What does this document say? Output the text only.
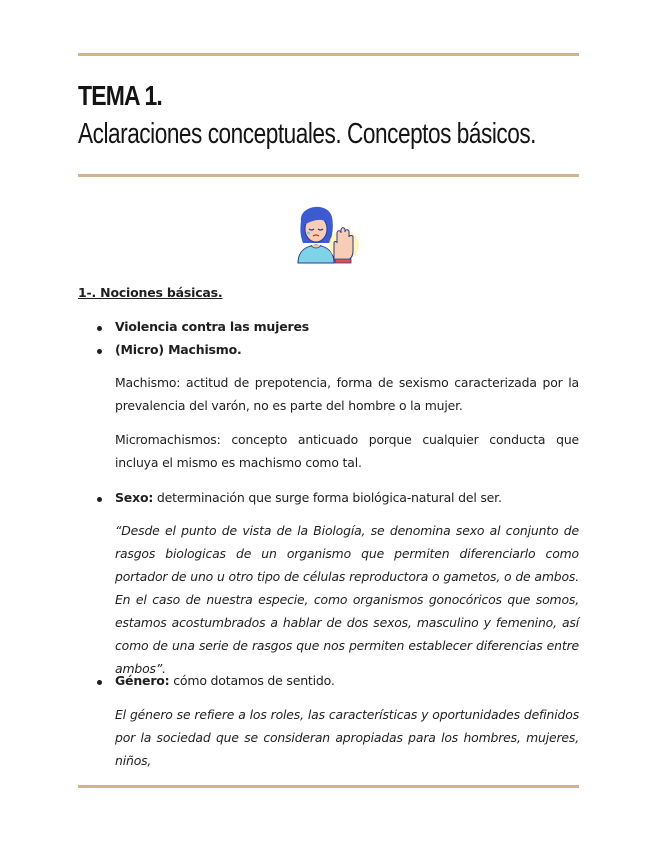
TEMA 1.
Aclaraciones conceptuales. Conceptos básicos.
1-. Nociones básicas.
Violencia contra las mujeres
(Micro) Machismo.
Machismo: actitud de prepotencia, forma de sexismo caracterizada por la prevalencia del varón, no es parte del hombre o la mujer.
Micromachismos: concepto anticuado porque cualquier conducta que incluya el mismo es machismo como tal.
Sexo: determinación que surge forma biológica-natural del ser.
“Desde el punto de vista de la Biología, se denomina sexo al conjunto de rasgos biologicas de un organismo que permiten diferenciarlo como portador de uno u otro tipo de células reproductora o gametos, o de ambos. En el caso de nuestra especie, como organismos gonocóricos que somos, estamos acostumbrados a hablar de dos sexos, masculino y femenino, así como de una serie de rasgos que nos permiten establecer diferencias entre ambos”.
Género: cómo dotamos de sentido.
El género se refiere a los roles, las características y oportunidades definidos por la sociedad que se consideran apropiadas para los hombres, mujeres, niños,
